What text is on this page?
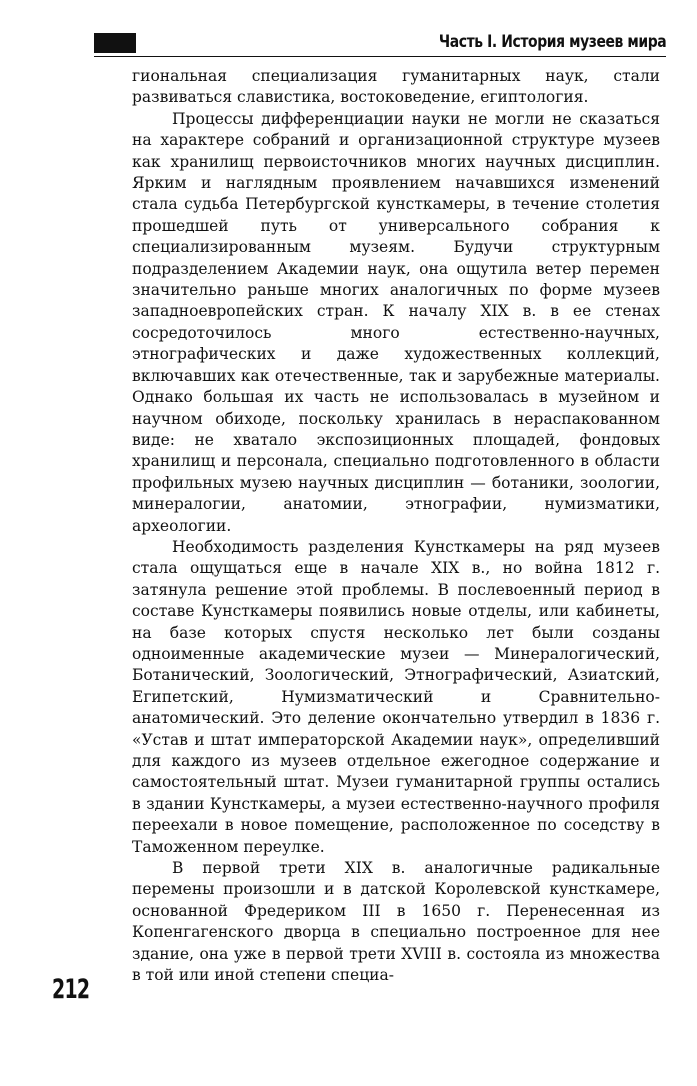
Часть I. История музеев мира

гиональная специализация гуманитарных наук, стали развиваться славистика, востоковедение, египтология.

Процессы дифференциации науки не могли не сказаться на характере собраний и организационной структуре музеев как хранилищ первоисточников многих научных дисциплин. Ярким и наглядным проявлением начавшихся изменений стала судьба Петербургской кунсткамеры, в течение столетия прошедшей путь от универсального собрания к специализированным музеям. Будучи структурным подразделением Академии наук, она ощутила ветер перемен значительно раньше многих аналогичных по форме музеев западноевропейских стран. К началу XIX в. в ее стенах сосредоточилось много естественно-научных, этнографических и даже художественных коллекций, включавших как отечественные, так и зарубежные материалы. Однако большая их часть не использовалась в музейном и научном обиходе, поскольку хранилась в нераспакованном виде: не хватало экспозиционных площадей, фондовых хранилищ и персонала, специально подготовленного в области профильных музею научных дисциплин — ботаники, зоологии, минералогии, анатомии, этнографии, нумизматики, археологии.

Необходимость разделения Кунсткамеры на ряд музеев стала ощущаться еще в начале XIX в., но война 1812 г. затянула решение этой проблемы. В послевоенный период в составе Кунсткамеры появились новые отделы, или кабинеты, на базе которых спустя несколько лет были созданы одноименные академические музеи — Минералогический, Ботанический, Зоологический, Этнографический, Азиатский, Египетский, Нумизматический и Сравнительно-анатомический. Это деление окончательно утвердил в 1836 г. «Устав и штат императорской Академии наук», определивший для каждого из музеев отдельное ежегодное содержание и самостоятельный штат. Музеи гуманитарной группы остались в здании Кунсткамеры, а музеи естественно-научного профиля переехали в новое помещение, расположенное по соседству в Таможенном переулке.

В первой трети XIX в. аналогичные радикальные перемены произошли и в датской Королевской кунсткамере, основанной Фредериком III в 1650 г. Перенесенная из Копенгагенского дворца в специально построенное для нее здание, она уже в первой трети XVIII в. состояла из множества в той или иной степени специа-

212
